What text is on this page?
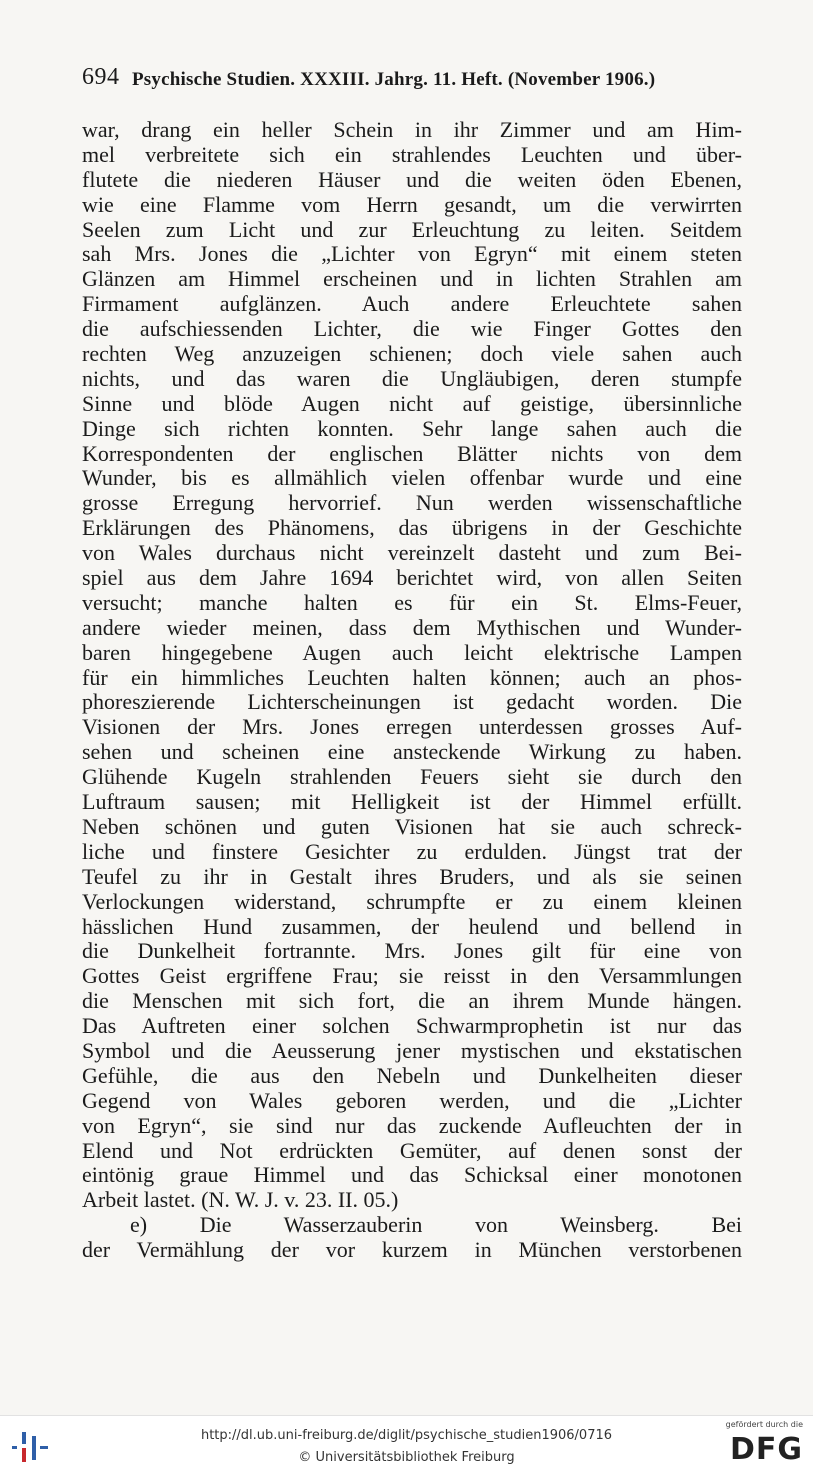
694 Psychische Studien. XXXIII. Jahrg. 11. Heft. (November 1906.)
war, drang ein heller Schein in ihr Zimmer und am Him-
mel verbreitete sich ein strahlendes Leuchten und über-
flutete die niederen Häuser und die weiten öden Ebenen,
wie eine Flamme vom Herrn gesandt, um die verwirrten
Seelen zum Licht und zur Erleuchtung zu leiten. Seitdem
sah Mrs. Jones die „Lichter von Egryn“ mit einem steten
Glänzen am Himmel erscheinen und in lichten Strahlen am
Firmament aufglänzen. Auch andere Erleuchtete sahen
die aufschiessenden Lichter, die wie Finger Gottes den
rechten Weg anzuzeigen schienen; doch viele sahen auch
nichts, und das waren die Ungläubigen, deren stumpfe
Sinne und blöde Augen nicht auf geistige, übersinnliche
Dinge sich richten konnten. Sehr lange sahen auch die
Korrespondenten der englischen Blätter nichts von dem
Wunder, bis es allmählich vielen offenbar wurde und eine
grosse Erregung hervorrief. Nun werden wissenschaftliche
Erklärungen des Phänomens, das übrigens in der Geschichte
von Wales durchaus nicht vereinzelt dasteht und zum Bei-
spiel aus dem Jahre 1694 berichtet wird, von allen Seiten
versucht; manche halten es für ein St. Elms-Feuer,
andere wieder meinen, dass dem Mythischen und Wunder-
baren hingegebene Augen auch leicht elektrische Lampen
für ein himmliches Leuchten halten können; auch an phos-
phoreszierende Lichterscheinungen ist gedacht worden. Die
Visionen der Mrs. Jones erregen unterdessen grosses Auf-
sehen und scheinen eine ansteckende Wirkung zu haben.
Glühende Kugeln strahlenden Feuers sieht sie durch den
Luftraum sausen; mit Helligkeit ist der Himmel erfüllt.
Neben schönen und guten Visionen hat sie auch schreck-
liche und finstere Gesichter zu erdulden. Jüngst trat der
Teufel zu ihr in Gestalt ihres Bruders, und als sie seinen
Verlockungen widerstand, schrumpfte er zu einem kleinen
hässlichen Hund zusammen, der heulend und bellend in
die Dunkelheit fortrannte. Mrs. Jones gilt für eine von
Gottes Geist ergriffene Frau; sie reisst in den Versammlungen
die Menschen mit sich fort, die an ihrem Munde hängen.
Das Auftreten einer solchen Schwarmprophetin ist nur das
Symbol und die Aeusserung jener mystischen und ekstatischen
Gefühle, die aus den Nebeln und Dunkelheiten dieser
Gegend von Wales geboren werden, und die „Lichter
von Egryn“, sie sind nur das zuckende Aufleuchten der in
Elend und Not erdrückten Gemüter, auf denen sonst der
eintönig graue Himmel und das Schicksal einer monotonen
Arbeit lastet. (N. W. J. v. 23. II. 05.)
e) Die Wasserzauberin von Weinsberg. Bei
der Vermählung der vor kurzem in München verstorbenen
http://dl.ub.uni-freiburg.de/diglit/psychische_studien1906/0716
© Universitätsbibliothek Freiburg
gefördert durch die
DFG
